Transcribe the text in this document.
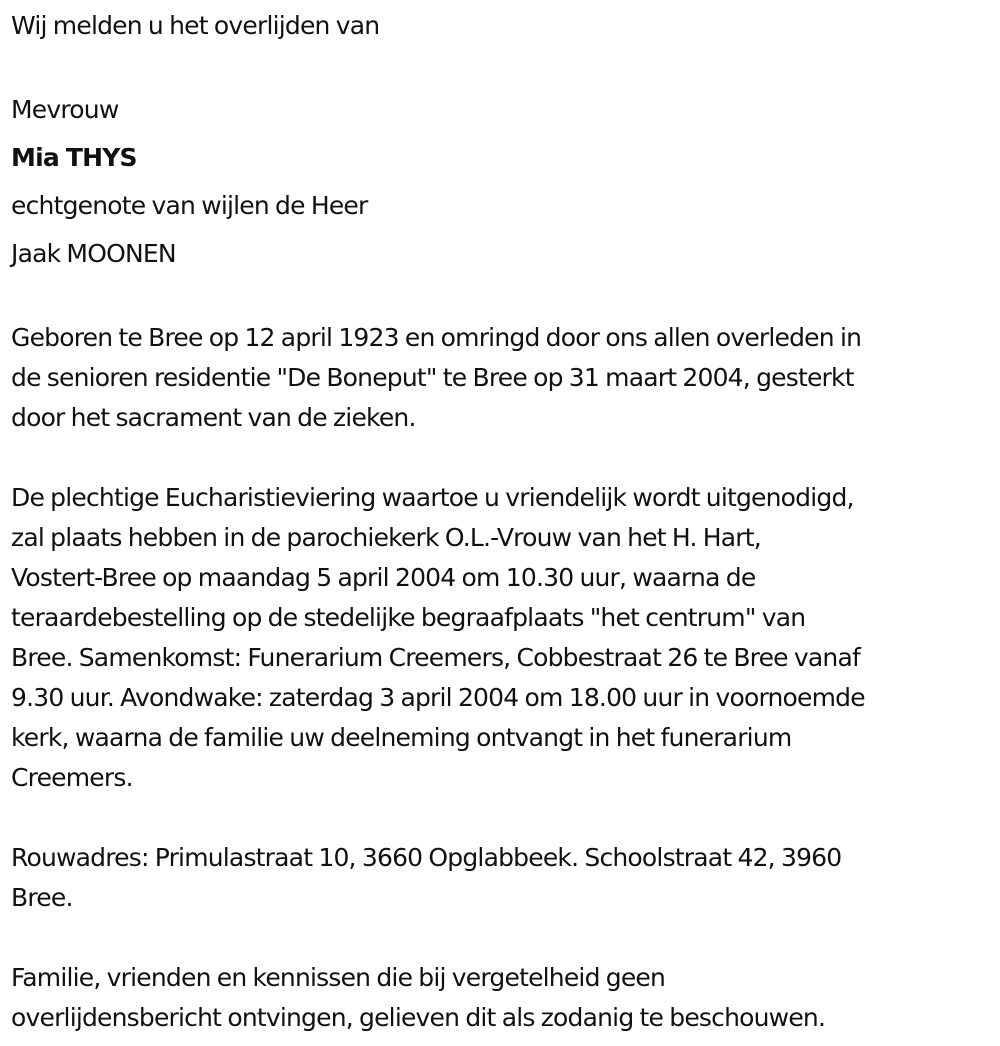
Wij melden u het overlijden van

Mevrouw

Mia THYS

echtgenote van wijlen de Heer

Jaak MOONEN

Geboren te Bree op 12 april 1923 en omringd door ons allen overleden in

de senioren residentie "De Boneput" te Bree op 31 maart 2004, gesterkt

door het sacrament van de zieken.

De plechtige Eucharistieviering waartoe u vriendelijk wordt uitgenodigd,

zal plaats hebben in de parochiekerk O.L.-Vrouw van het H. Hart,

Vostert-Bree op maandag 5 april 2004 om 10.30 uur, waarna de

teraardebestelling op de stedelijke begraafplaats "het centrum" van

Bree. Samenkomst: Funerarium Creemers, Cobbestraat 26 te Bree vanaf

9.30 uur. Avondwake: zaterdag 3 april 2004 om 18.00 uur in voornoemde

kerk, waarna de familie uw deelneming ontvangt in het funerarium

Creemers.

Rouwadres: Primulastraat 10, 3660 Opglabbeek. Schoolstraat 42, 3960

Bree.

Familie, vrienden en kennissen die bij vergetelheid geen

overlijdensbericht ontvingen, gelieven dit als zodanig te beschouwen.
